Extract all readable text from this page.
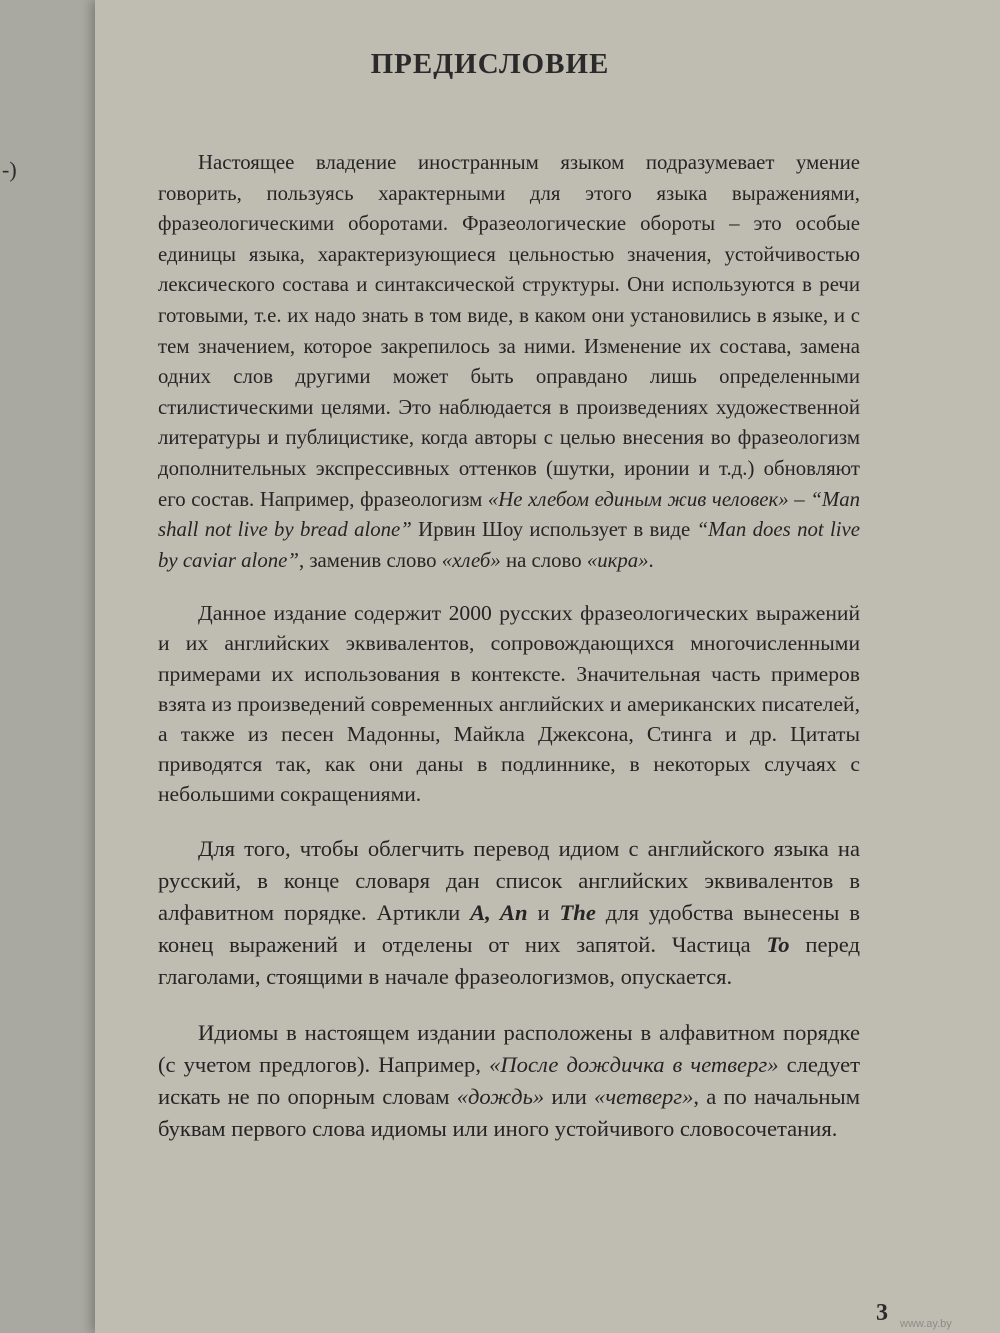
-)
ПРЕДИСЛОВИЕ

Настоящее владение иностранным языком подразумевает умение говорить, пользуясь характерными для этого языка выражениями, фразеологическими оборотами. Фразеологические обороты – это особые единицы языка, характеризующиеся цельностью значения, устойчивостью лексического состава и синтаксической структуры. Они используются в речи готовыми, т.е. их надо знать в том виде, в каком они установились в языке, и с тем значением, которое закрепилось за ними. Изменение их состава, замена одних слов другими может быть оправдано лишь определенными стилистическими целями. Это наблюдается в произведениях художественной литературы и публицистике, когда авторы с целью внесения во фразеологизм дополнительных экспрессивных оттенков (шутки, иронии и т.д.) обновляют его состав. Например, фразеологизм «Не хлебом единым жив человек» – “Man shall not live by bread alone” Ирвин Шоу использует в виде “Man does not live by caviar alone”, заменив слово «хлеб» на слово «икра».

Данное издание содержит 2000 русских фразеологических выражений и их английских эквивалентов, сопровождающихся многочисленными примерами их использования в контексте. Значительная часть примеров взята из произведений современных английских и американских писателей, а также из песен Мадонны, Майкла Джексона, Стинга и др. Цитаты приводятся так, как они даны в подлиннике, в некоторых случаях с небольшими сокращениями.

Для того, чтобы облегчить перевод идиом с английского языка на русский, в конце словаря дан список английских эквивалентов в алфавитном порядке. Артикли A, An и The для удобства вынесены в конец выражений и отделены от них запятой. Частица To перед глаголами, стоящими в начале фразеологизмов, опускается.

Идиомы в настоящем издании расположены в алфавитном порядке (с учетом предлогов). Например, «После дождичка в четверг» следует искать не по опорным словам «дождь» или «четверг», а по начальным буквам первого слова идиомы или иного устойчивого словосочетания.

3 www.ay.by
